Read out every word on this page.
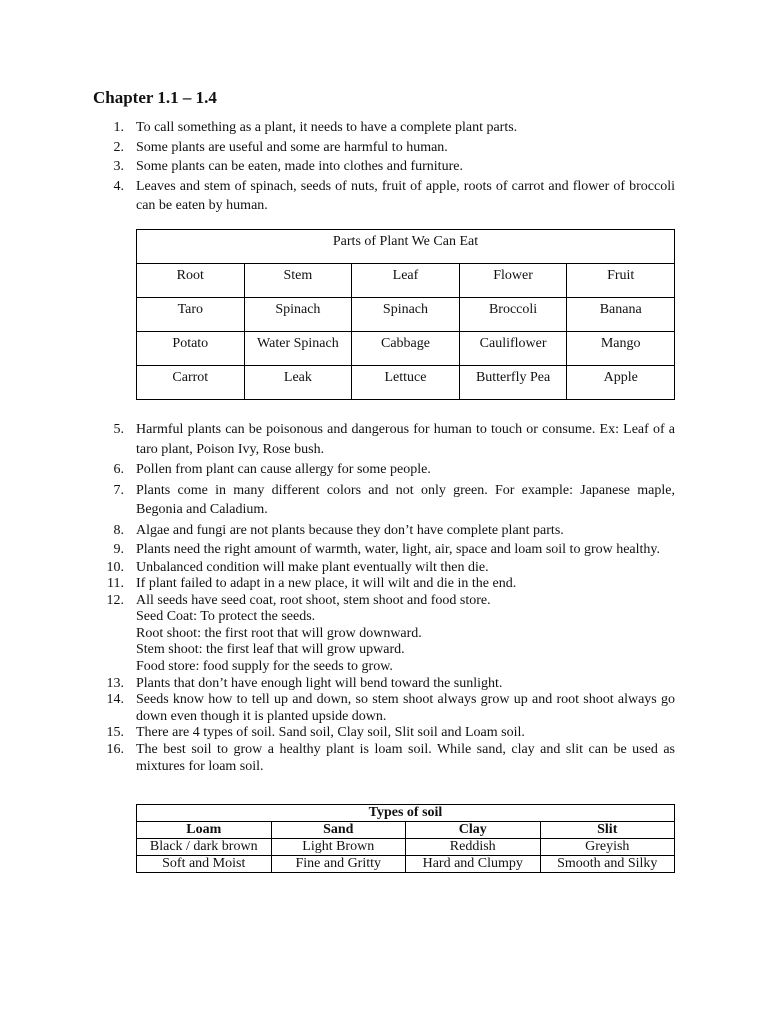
Chapter 1.1 – 1.4
1. To call something as a plant, it needs to have a complete plant parts.
2. Some plants are useful and some are harmful to human.
3. Some plants can be eaten, made into clothes and furniture.
4. Leaves and stem of spinach, seeds of nuts, fruit of apple, roots of carrot and flower of broccoli can be eaten by human.
Parts of Plant We Can Eat				
Root	Stem	Leaf	Flower	Fruit
Taro	Spinach	Spinach	Broccoli	Banana
Potato	Water Spinach	Cabbage	Cauliflower	Mango
Carrot	Leak	Lettuce	Butterfly Pea	Apple
5. Harmful plants can be poisonous and dangerous for human to touch or consume. Ex: Leaf of a taro plant, Poison Ivy, Rose bush.
6. Pollen from plant can cause allergy for some people.
7. Plants come in many different colors and not only green. For example: Japanese maple, Begonia and Caladium.
8. Algae and fungi are not plants because they don’t have complete plant parts.
9. Plants need the right amount of warmth, water, light, air, space and loam soil to grow healthy.
10. Unbalanced condition will make plant eventually wilt then die.
11. If plant failed to adapt in a new place, it will wilt and die in the end.
12. All seeds have seed coat, root shoot, stem shoot and food store.
Seed Coat: To protect the seeds.
Root shoot: the first root that will grow downward.
Stem shoot: the first leaf that will grow upward.
Food store: food supply for the seeds to grow.
13. Plants that don’t have enough light will bend toward the sunlight.
14. Seeds know how to tell up and down, so stem shoot always grow up and root shoot always go down even though it is planted upside down.
15. There are 4 types of soil. Sand soil, Clay soil, Slit soil and Loam soil.
16. The best soil to grow a healthy plant is loam soil. While sand, clay and slit can be used as mixtures for loam soil.
Types of soil			
Loam	Sand	Clay	Slit
Black / dark brown	Light Brown	Reddish	Greyish
Soft and Moist	Fine and Gritty	Hard and Clumpy	Smooth and Silky
